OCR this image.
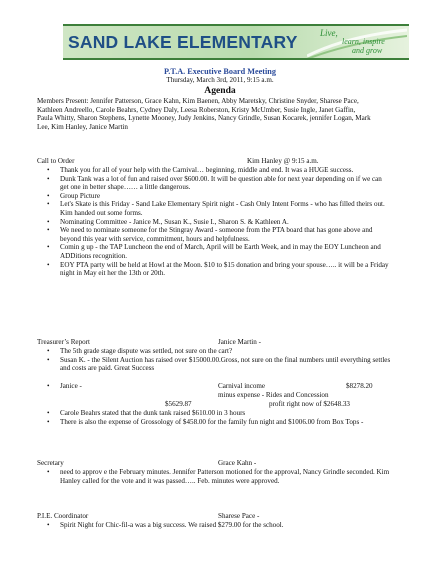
SAND LAKE ELEMENTARY Live,
learn, inspire
and grow
P.T.A. Executive Board Meeting
Thursday, March 3rd, 2011, 9:15 a.m.
Agenda
Members Present: Jennifer Patterson, Grace Kahn, Kim Baenen, Abby Maretsky, Christine Snyder, Sharese Pace, Kathleen Andreello, Carole Beahrs, Cydney Daly, Leesa Roberston, Kristy McUmber, Susie Ingle, Janet Gaffin, Paula Whitty, Sharon Stephens, Lynette Mooney, Judy Jenkins, Nancy Grindle, Susan Kocarek, jennifer Logan, Mark Lee, Kim Hanley, Janice Martin
Call to Order	Kim Hanley @ 9:15 a.m.
• Thank you for all of your help with the Carnival… beginning, middle and end. It was a HUGE success.
• Dunk Tank was a lot of fun and raised over $600.00. It will be question able for next year depending on if we can get one in better shape…… a little dangerous.
• Group Picture
• Let's Skate is this Friday - Sand Lake Elementary Spirit night - Cash Only Intent Forms - who has filled theirs out. Kim handed out some forms.
• Nominating Committee - Janice M., Susan K., Susie I., Sharon S. & Kathleen A.
• We need to nominate someone for the Stingray Award - someone from the PTA board that has gone above and beyond this year with service, commitment, hours and helpfulness.
• Comin g up - the TAP Luncheon the end of March, April will be Earth Week, and in may the EOY Luncheon and ADDitions recognition.
• EOY PTA party will be held at Howl at the Moon. $10 to $15 donation and bring your spouse….. it will be a Friday night in May eit her the 13th or 20th.
Treasurer’s Report	Janice Martin -
• The 5th grade stage dispute was settled, not sure on the cart?
• Susan K. - the Silent Auction has raised over $15000.00.Gross, not sure on the final numbers until everything settles and costs are paid. Great Success
• Janice -	Carnival income	$8278.20
minus expense - Rides and Concession
$5629.87	profit right now of $2648.33
• Carole Beahrs stated that the dunk tank raised $610.00 in 3 hours
• There is also the expense of Grossology of $458.00 for the family fun night and $1006.00 from Box Tops -
Secretary	Grace Kahn -
• need to approv e the February minutes. Jennifer Patterson motioned for the approval, Nancy Grindle seconded. Kim Hanley called for the vote and it was passed….. Feb. minutes were approved.
P.I.E. Coordinator	Sharese Pace -
• Spirit Night for Chic-fil-a was a big success. We raised $279.00 for the school.
